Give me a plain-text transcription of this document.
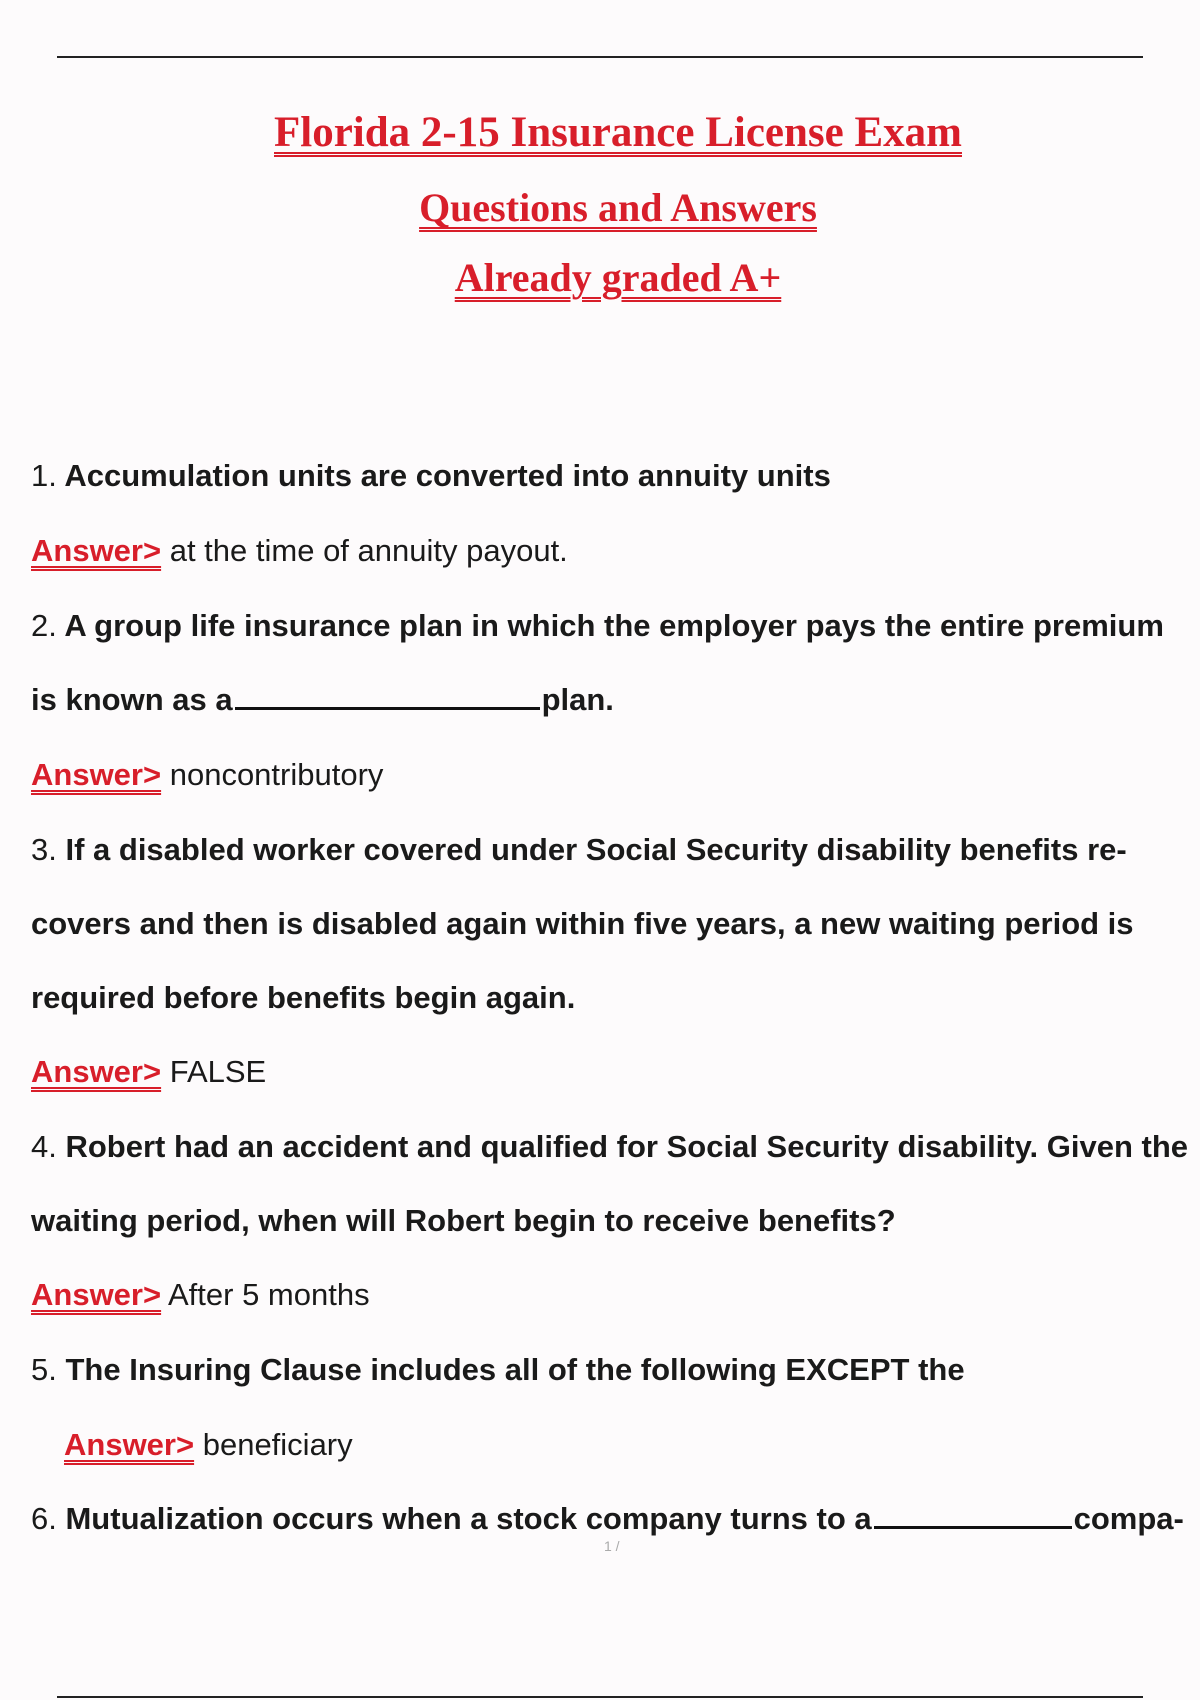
Florida 2-15 Insurance License Exam
Questions and Answers
Already graded A+
1. Accumulation units are converted into annuity units
Answer> at the time of annuity payout.
2. A group life insurance plan in which the employer pays the entire premium
is known as a	plan.
Answer> noncontributory
3. If a disabled worker covered under Social Security disability benefits re-
covers and then is disabled again within five years, a new waiting period is
required before benefits begin again.
Answer> FALSE
4. Robert had an accident and qualified for Social Security disability. Given the
waiting period, when will Robert begin to receive benefits?
Answer> After 5 months
5. The Insuring Clause includes all of the following EXCEPT the
Answer> beneficiary
6. Mutualization occurs when a stock company turns to a	compa-
1 /
